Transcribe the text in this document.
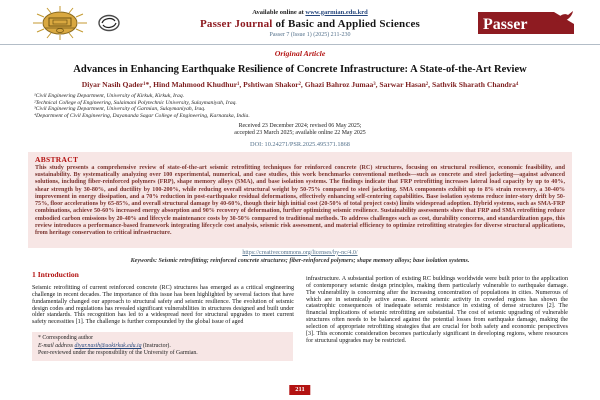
Available online at www.garmian.edu.krd
Passer Journal of Basic and Applied Sciences
Passer 7 (Issue 1) (2025) 211-230
Passer
Original Article
Advances in Enhancing Earthquake Resilience of Concrete Infrastructure: A State-of-the-Art Review
Diyar Nasih Qader¹*, Hind Mahmood Khudhur¹, Pshtiwan Shakor², Ghazi Bahroz Jumaa³, Sarwar Hasan², Sathvik Sharath Chandra⁴
¹Civil Engineering Department, University of Kirkuk, Kirkuk, Iraq.
²Technical College of Engineering, Sulaimani Polytechnic University, Sulaymaniyah, Iraq.
³Civil Engineering Department, University of Garmian, Sulaymaniyah, Iraq.
⁴Department of Civil Engineering, Dayananda Sagar College of Engineering, Karnataka, India.
Received 23 December 2024; revised 06 May 2025;
accepted 23 March 2025; available online 22 May 2025
DOI: 10.24271/PSR.2025.495371.1868
ABSTRACT

This study presents a comprehensive review of state-of-the-art seismic retrofitting techniques for reinforced concrete (RC) structures, focusing on structural resilience, economic feasibility, and sustainability. By systematically analyzing over 100 experimental, numerical, and case studies, this work benchmarks conventional methods—such as concrete and steel jacketing—against advanced solutions, including fiber-reinforced polymers (FRP), shape memory alloys (SMA), and base isolation systems. The findings indicate that FRP retrofitting increases lateral load capacity by up to 40%, shear strength by 30-80%, and ductility by 100-200%, while reducing overall structural weight by 50-75% compared to steel jacketing. SMA components exhibit up to 8% strain recovery, a 30-40% improvement in energy dissipation, and a 70% reduction in post-earthquake residual deformations, effectively enhancing self-centering capabilities. Base isolation systems reduce inter-story drift by 50-75%, floor accelerations by 65-85%, and overall structural damage by 40-60%, though their high initial cost (20-50% of total project costs) limits widespread adoption. Hybrid systems, such as SMA-FRP combinations, achieve 50-60% increased energy absorption and 90% recovery of deformation, further optimizing seismic resilience. Sustainability assessments show that FRP and SMA retrofitting reduce embodied carbon emissions by 20-40% and lifecycle maintenance costs by 30-50% compared to traditional methods. To address challenges such as cost, durability concerns, and standardization gaps, this review introduces a performance-based framework integrating lifecycle cost analysis, seismic risk assessment, and material efficiency to optimize retrofitting strategies for diverse structural applications, from heritage conservation to critical infrastructure.

https://creativecommons.org/licenses/by-nc/4.0/
Keywords: Seismic retrofitting; reinforced concrete structures; fiber-reinforced polymers; shape memory alloys; base isolation systems.
1 Introduction

Seismic retrofitting of current reinforced concrete (RC) structures has emerged as a critical engineering challenge in recent decades. The importance of this issue has been highlighted by several factors that have fundamentally changed our approach to structural safety and seismic resilience. The evolution of seismic design codes and regulations has revealed significant vulnerabilities in structures designed and built under older standards. This recognition has led to a widespread need for structural upgrades to meet current safety necessities [1]. The challenge is further compounded by the global issue of aged

* Corresponding author
E-mail address diyar.nasih@uokirkuk.edu.iq (Instructor).
Peer-reviewed under the responsibility of the University of Garmian.

infrastructure. A substantial portion of existing RC buildings worldwide were built prior to the application of contemporary seismic design principles, making them particularly vulnerable to earthquake damage. The vulnerability is concerning after the increasing concentration of populations in cities. Numerous of which are in seismically active areas. Recent seismic activity in crowded regions has shown the catastrophic consequences of inadequate seismic resistance in existing of dense structures [2]. The financial implications of seismic retrofitting are substantial. The cost of seismic upgrading of vulnerable structures often needs to be balanced against the potential losses from earthquake damage, making the selection of appropriate retrofitting strategies that are crucial for both safety and economic perspectives [3]. This economic consideration becomes particularly significant in developing regions, where resources for structural upgrades may be restricted.

211
